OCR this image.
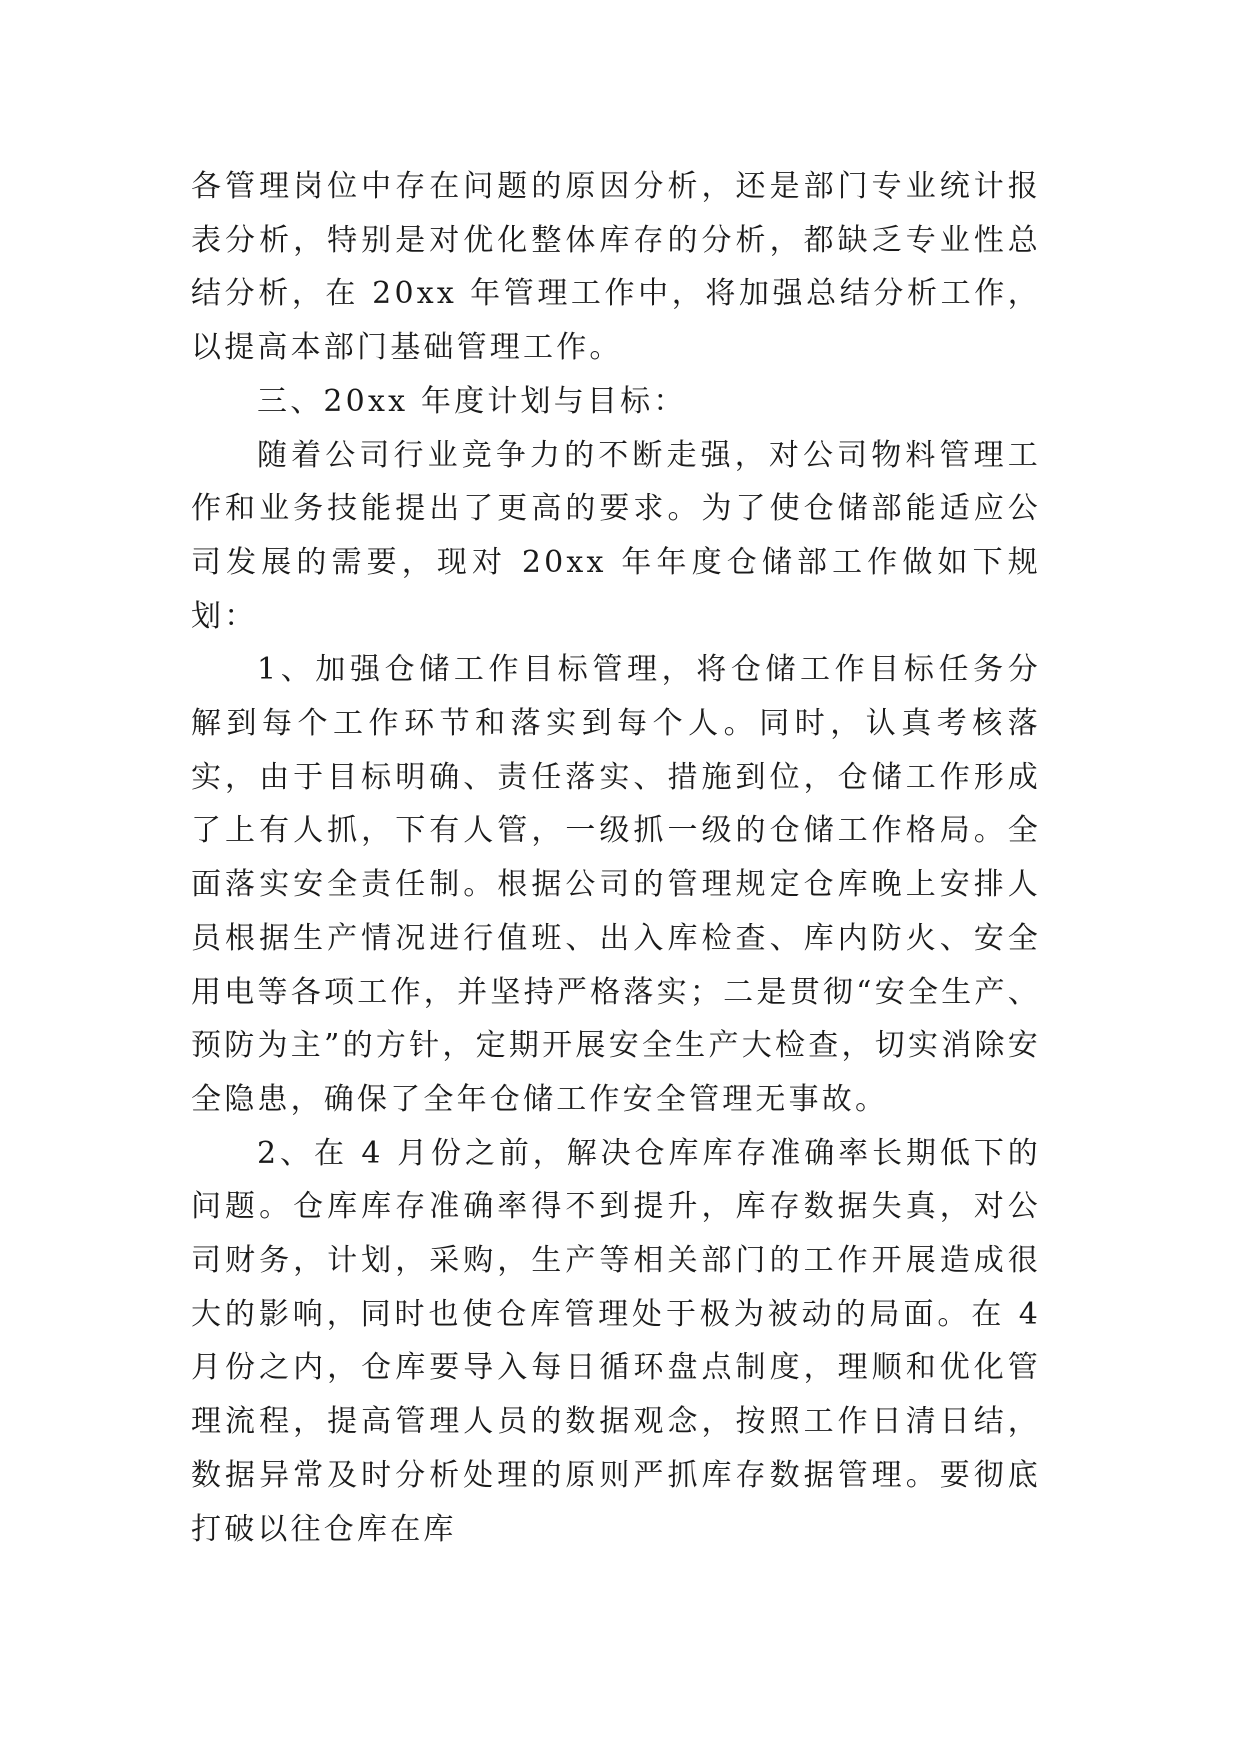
各管理岗位中存在问题的原因分析，还是部门专业统计报表分析，特别是对优化整体库存的分析，都缺乏专业性总结分析，在 20xx 年管理工作中，将加强总结分析工作，以提高本部门基础管理工作。

三、20xx 年度计划与目标：

随着公司行业竞争力的不断走强，对公司物料管理工作和业务技能提出了更高的要求。为了使仓储部能适应公司发展的需要，现对 20xx 年年度仓储部工作做如下规划：

1、加强仓储工作目标管理，将仓储工作目标任务分解到每个工作环节和落实到每个人。同时，认真考核落实，由于目标明确、责任落实、措施到位，仓储工作形成了上有人抓，下有人管，一级抓一级的仓储工作格局。全面落实安全责任制。根据公司的管理规定仓库晚上安排人员根据生产情况进行值班、出入库检查、库内防火、安全用电等各项工作，并坚持严格落实；二是贯彻“安全生产、预防为主”的方针，定期开展安全生产大检查，切实消除安全隐患，确保了全年仓储工作安全管理无事故。

2、在 4 月份之前，解决仓库库存准确率长期低下的问题。仓库库存准确率得不到提升，库存数据失真，对公司财务，计划，采购，生产等相关部门的工作开展造成很大的影响，同时也使仓库管理处于极为被动的局面。在 4 月份之内，仓库要导入每日循环盘点制度，理顺和优化管理流程，提高管理人员的数据观念，按照工作日清日结，数据异常及时分析处理的原则严抓库存数据管理。要彻底打破以往仓库在库
